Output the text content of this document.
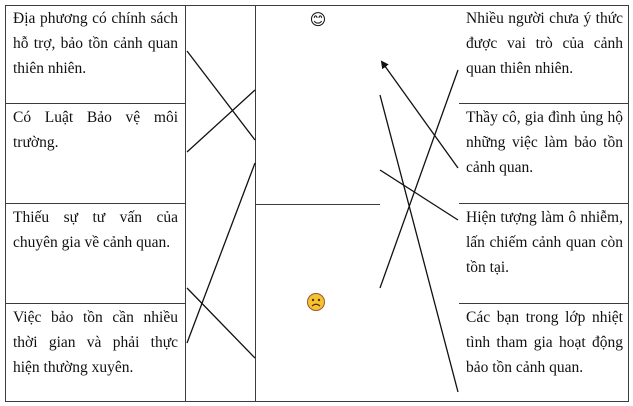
Địa phương có chính sách hỗ trợ, bảo tồn cảnh quan thiên nhiên.
Có Luật Bảo vệ môi trường.
Thiếu sự tư vấn của chuyên gia về cảnh quan.
Việc bảo tồn cần nhiều thời gian và phải thực hiện thường xuyên.
Nhiều người chưa ý thức được vai trò của cảnh quan thiên nhiên.
Thầy cô, gia đình ủng hộ những việc làm bảo tồn cảnh quan.
Hiện tượng làm ô nhiễm, lấn chiếm cảnh quan còn tồn tại.
Các bạn trong lớp nhiệt tình tham gia hoạt động bảo tồn cảnh quan.
😊
